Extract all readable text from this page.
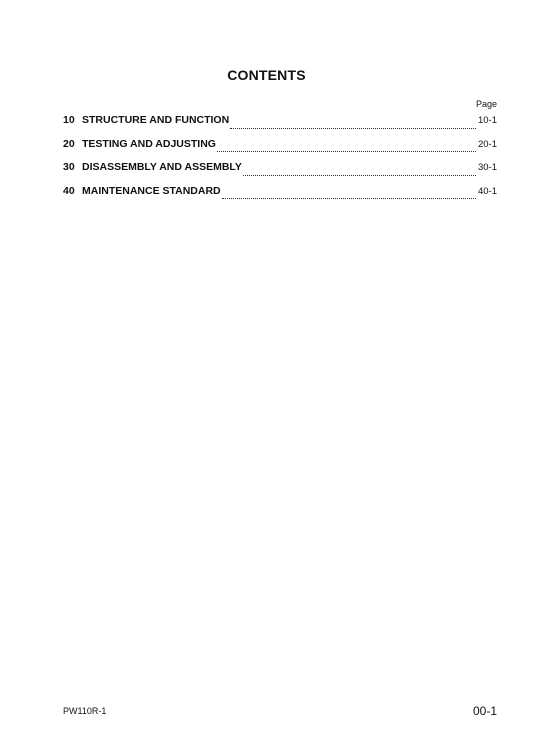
CONTENTS
Page
10 STRUCTURE AND FUNCTION	10-1
20 TESTING AND ADJUSTING	20-1
30 DISASSEMBLY AND ASSEMBLY	30-1
40 MAINTENANCE STANDARD	40-1
PW110R-1	00-1
